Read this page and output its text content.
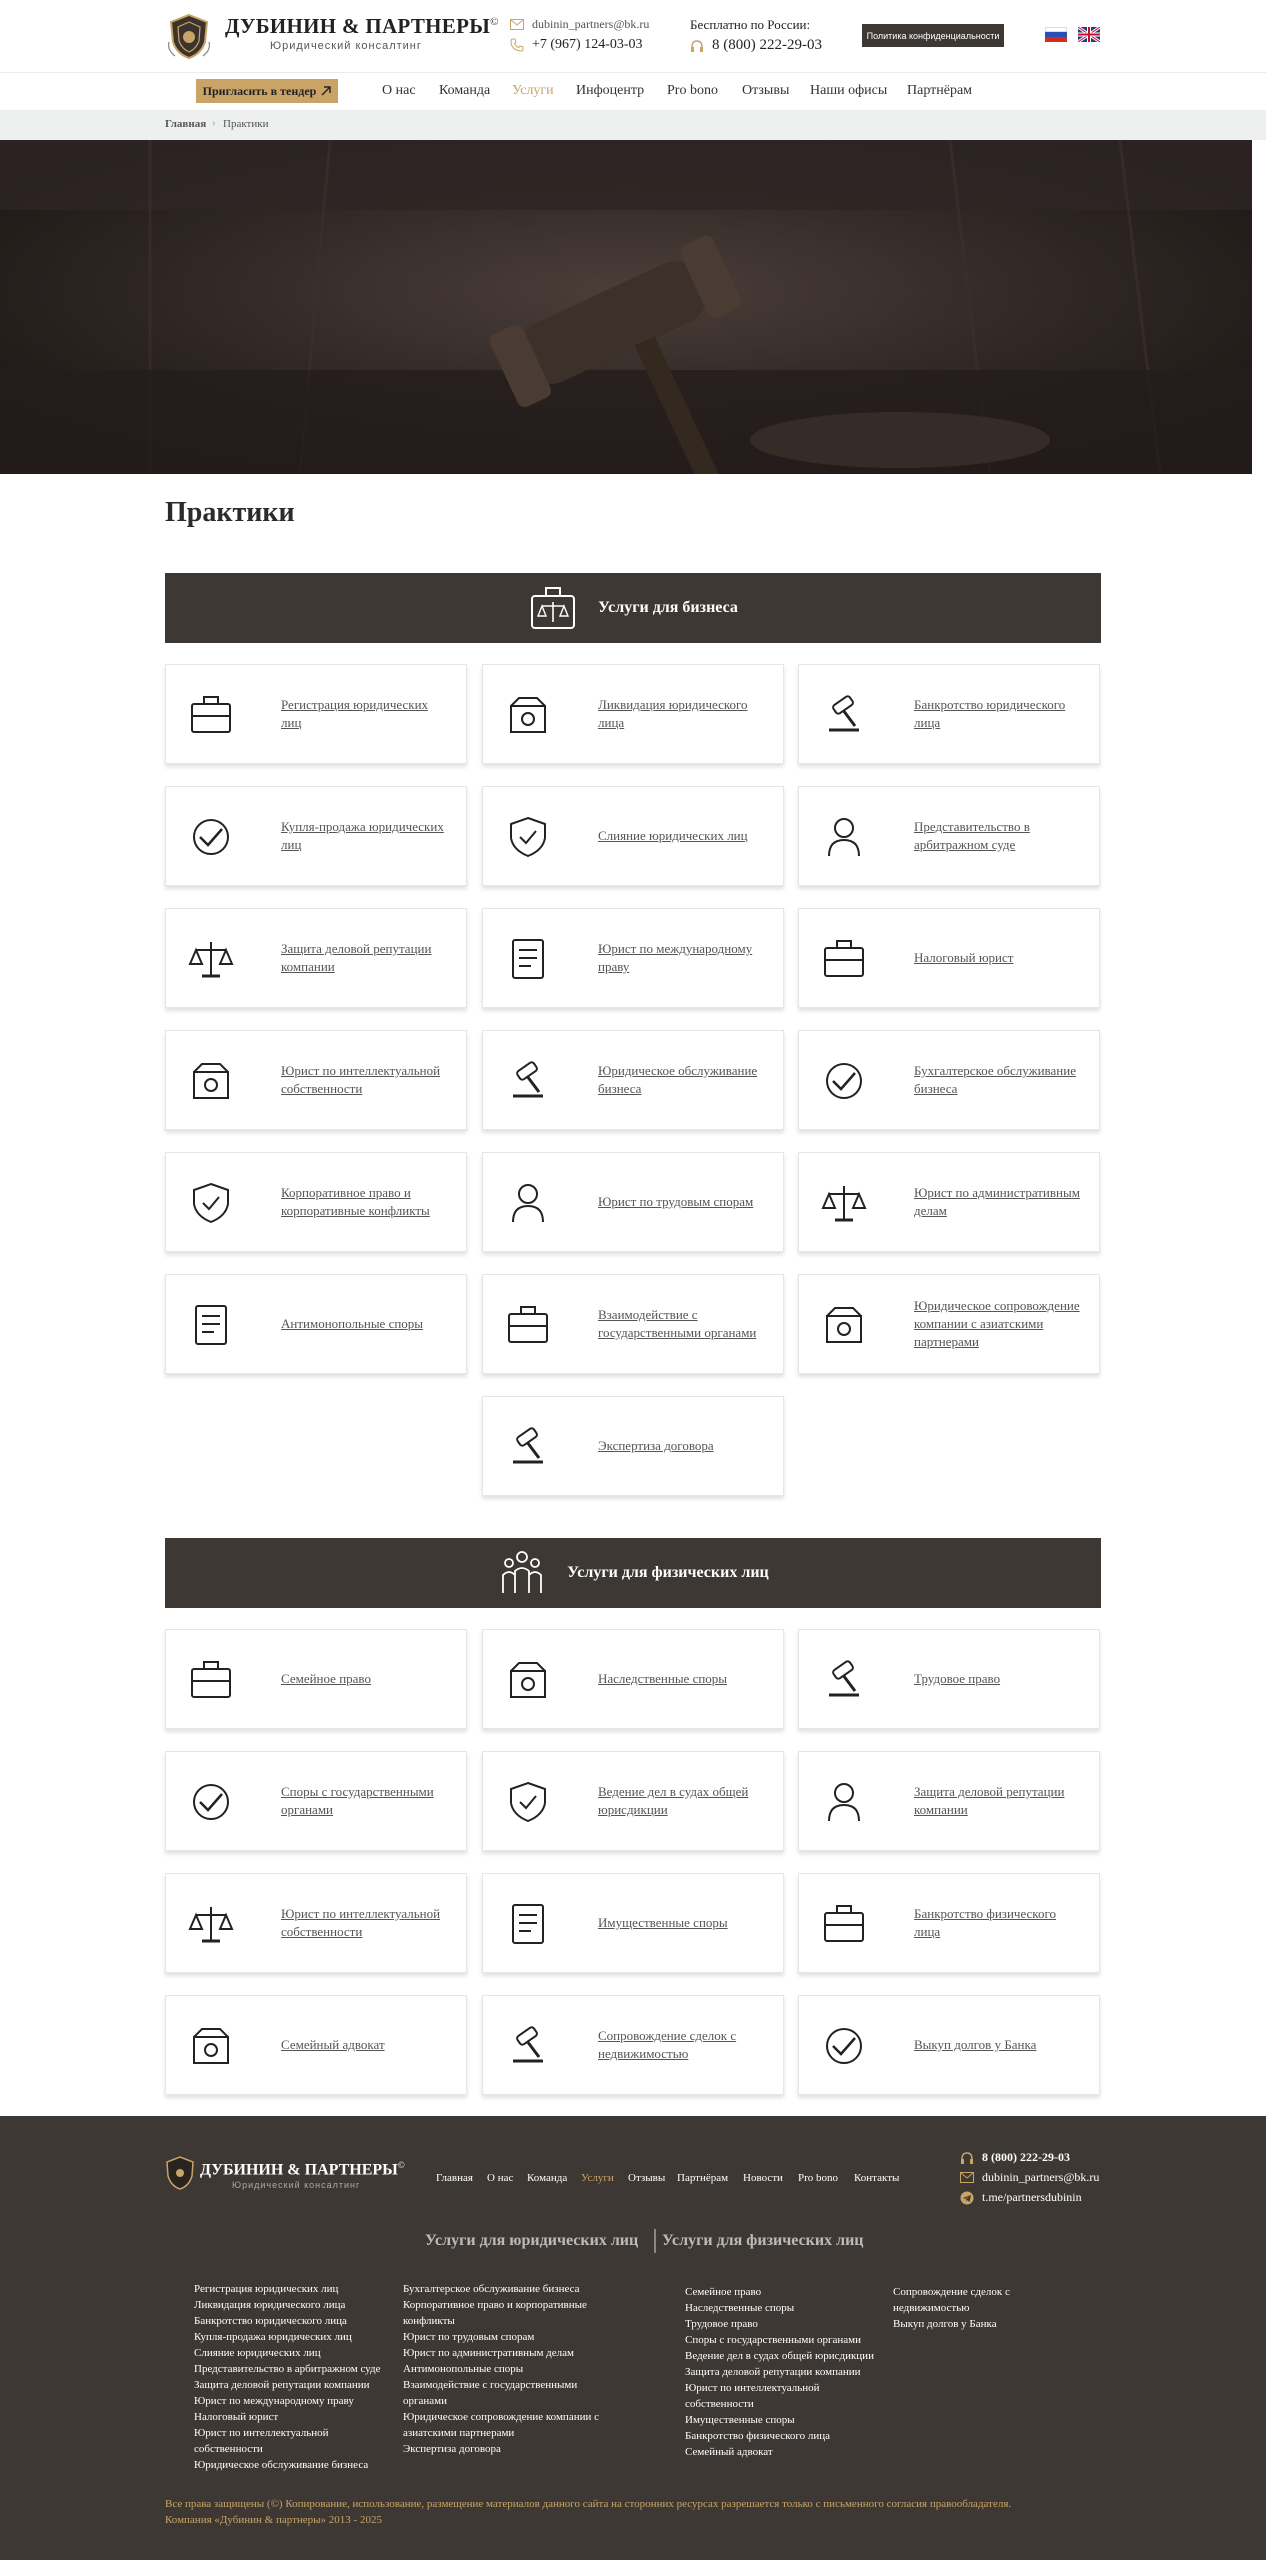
ДУБИНИН & ПАРТНЕРЫ©
Юридический консалтинг
dubinin_partners@bk.ru
+7 (967) 124-03-03
Бесплатно по России:
8 (800) 222-29-03
Политика конфиденциальности
Пригласить в тендер	О нас Команда Услуги Инфоцентр Pro bono Отзывы Наши офисы Партнёрам
Главная › Практики
Практики
Услуги для бизнеса
Регистрация юридических лиц
Ликвидация юридического лица
Банкротство юридического лица
Купля-продажа юридических лиц
Слияние юридических лиц
Представительство в арбитражном суде
Защита деловой репутации компании
Юрист по международному праву
Налоговый юрист
Юрист по интеллектуальной собственности
Юридическое обслуживание бизнеса
Бухгалтерское обслуживание бизнеса
Корпоративное право и корпоративные конфликты
Юрист по трудовым спорам
Юрист по административным делам
Антимонопольные споры
Взаимодействие с государственными органами
Юридическое сопровождение компании с азиатскими партнерами
Экспертиза договора
Услуги для физических лиц
Семейное право	Наследственные споры	Трудовое право
Споры с государственными органами
Ведение дел в судах общей юрисдикции
Защита деловой репутации компании
Юрист по интеллектуальной собственности
Имущественные споры
Банкротство физического лица
Семейный адвокат
Сопровождение сделок с недвижимостью
Выкуп долгов у Банка
ДУБИНИН & ПАРТНЕРЫ©
Юридический консалтинг
Главная О нас Команда Услуги Отзывы Партнёрам Новости Pro bono Контакты
8 (800) 222-29-03
dubinin_partners@bk.ru
t.me/partnersdubinin
Услуги для юридических лиц Услуги для физических лиц
Регистрация юридических лиц
Ликвидация юридического лица
Банкротство юридического лица
Купля-продажа юридических лиц
Слияние юридических лиц
Представительство в арбитражном суде
Защита деловой репутации компании
Юрист по международному праву
Налоговый юрист
Юрист по интеллектуальной собственности
Юридическое обслуживание бизнеса
Бухгалтерское обслуживание бизнеса
Корпоративное право и корпоративные конфликты
Юрист по трудовым спорам
Юрист по административным делам
Антимонопольные споры
Взаимодействие с государственными органами
Юридическое сопровождение компании с азиатскими партнерами
Экспертиза договора
Семейное право
Наследственные споры
Трудовое право
Споры с государственными органами
Ведение дел в судах общей юрисдикции
Защита деловой репутации компании
Юрист по интеллектуальной собственности
Имущественные споры
Банкротство физического лица
Семейный адвокат
Сопровождение сделок с недвижимостью
Выкуп долгов у Банка
Все права защищены (©) Копирование, использование, размещение материалов данного сайта на сторонних ресурсах разрешается только с письменного согласия правообладателя.
Компания «Дубинин & партнеры» 2013 - 2025
